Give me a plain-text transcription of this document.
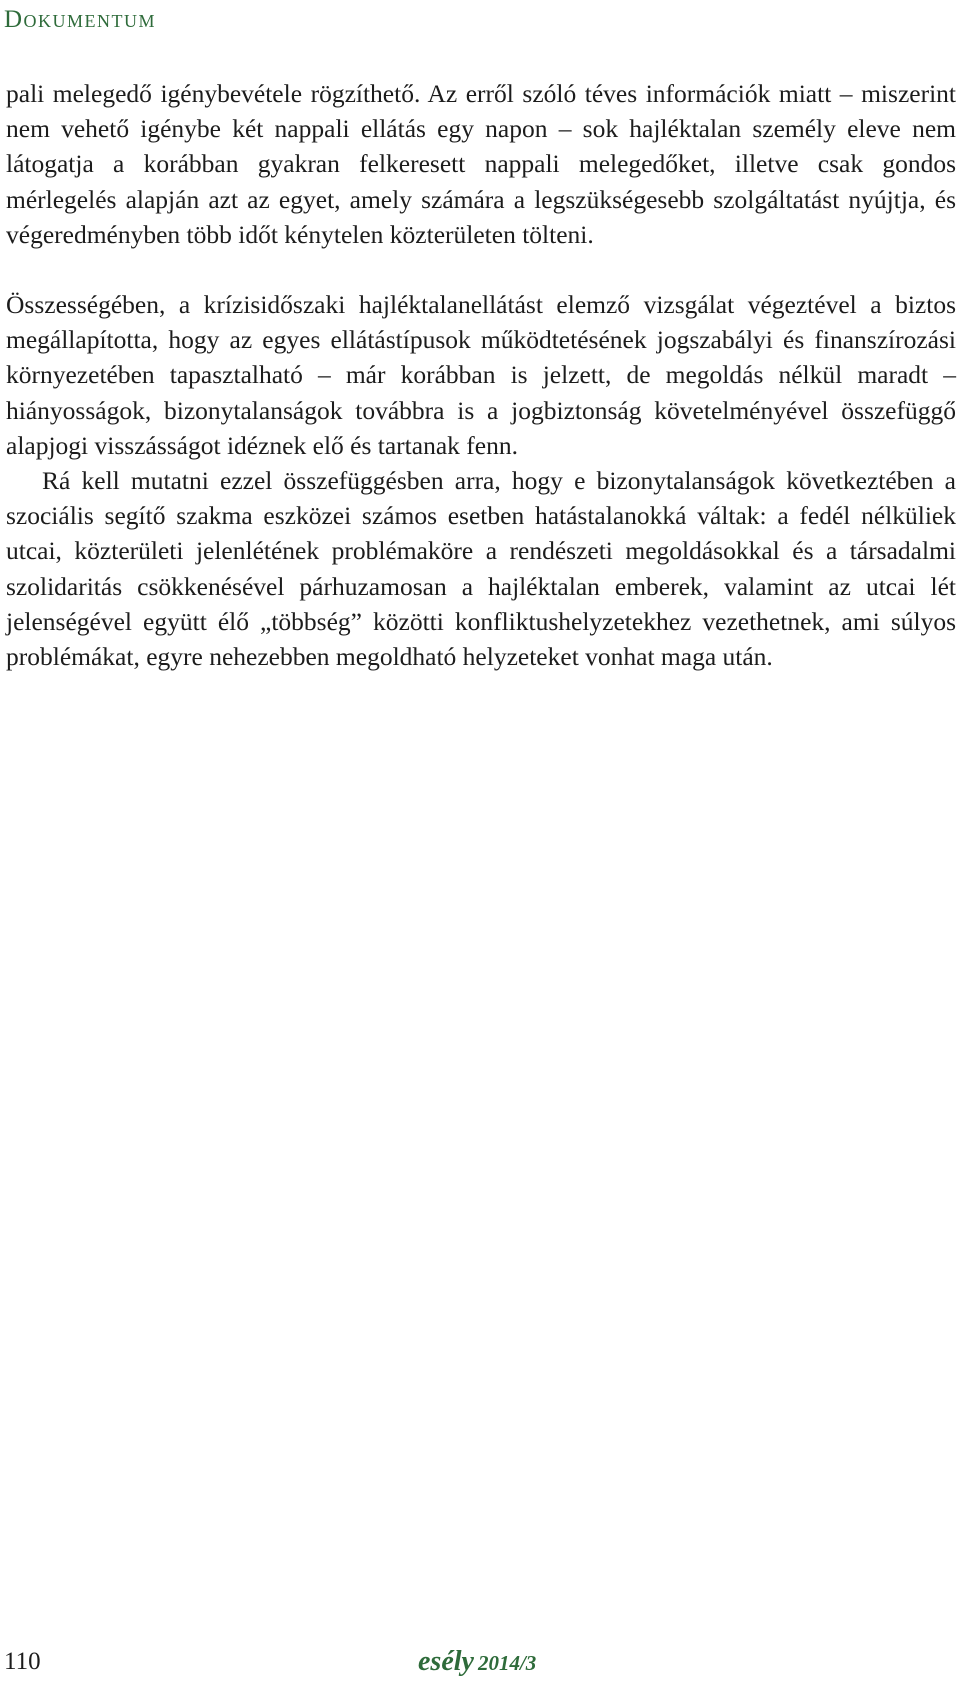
Dokumentum

pali melegedő igénybevétele rögzíthető. Az erről szóló téves információk miatt – miszerint nem vehető igénybe két nappali ellátás egy napon – sok hajléktalan személy eleve nem látogatja a korábban gyakran felkeresett nappali melegedőket, illetve csak gondos mérlegelés alapján azt az egyet, amely számára a legszükségesebb szolgáltatást nyújtja, és végeredményben több időt kénytelen közterületen tölteni.

Összességében, a krízisidőszaki hajléktalanellátást elemző vizsgálat végeztével a biztos megállapította, hogy az egyes ellátástípusok működtetésének jogszabályi és finanszírozási környezetében tapasztalható – már korábban is jelzett, de megoldás nélkül maradt – hiányosságok, bizonytalanságok továbbra is a jogbiztonság követelményével összefüggő alapjogi visszásságot idéznek elő és tartanak fenn.

Rá kell mutatni ezzel összefüggésben arra, hogy e bizonytalanságok következtében a szociális segítő szakma eszközei számos esetben hatástalanokká váltak: a fedél nélküliek utcai, közterületi jelenlétének problémaköre a rendészeti megoldásokkal és a társadalmi szolidaritás csökkenésével párhuzamosan a hajléktalan emberek, valamint az utcai lét jelenségével együtt élő „többség” közötti konfliktushelyzetekhez vezethetnek, ami súlyos problémákat, egyre nehezebben megoldható helyzeteket vonhat maga után.

110	esély 2014/3
